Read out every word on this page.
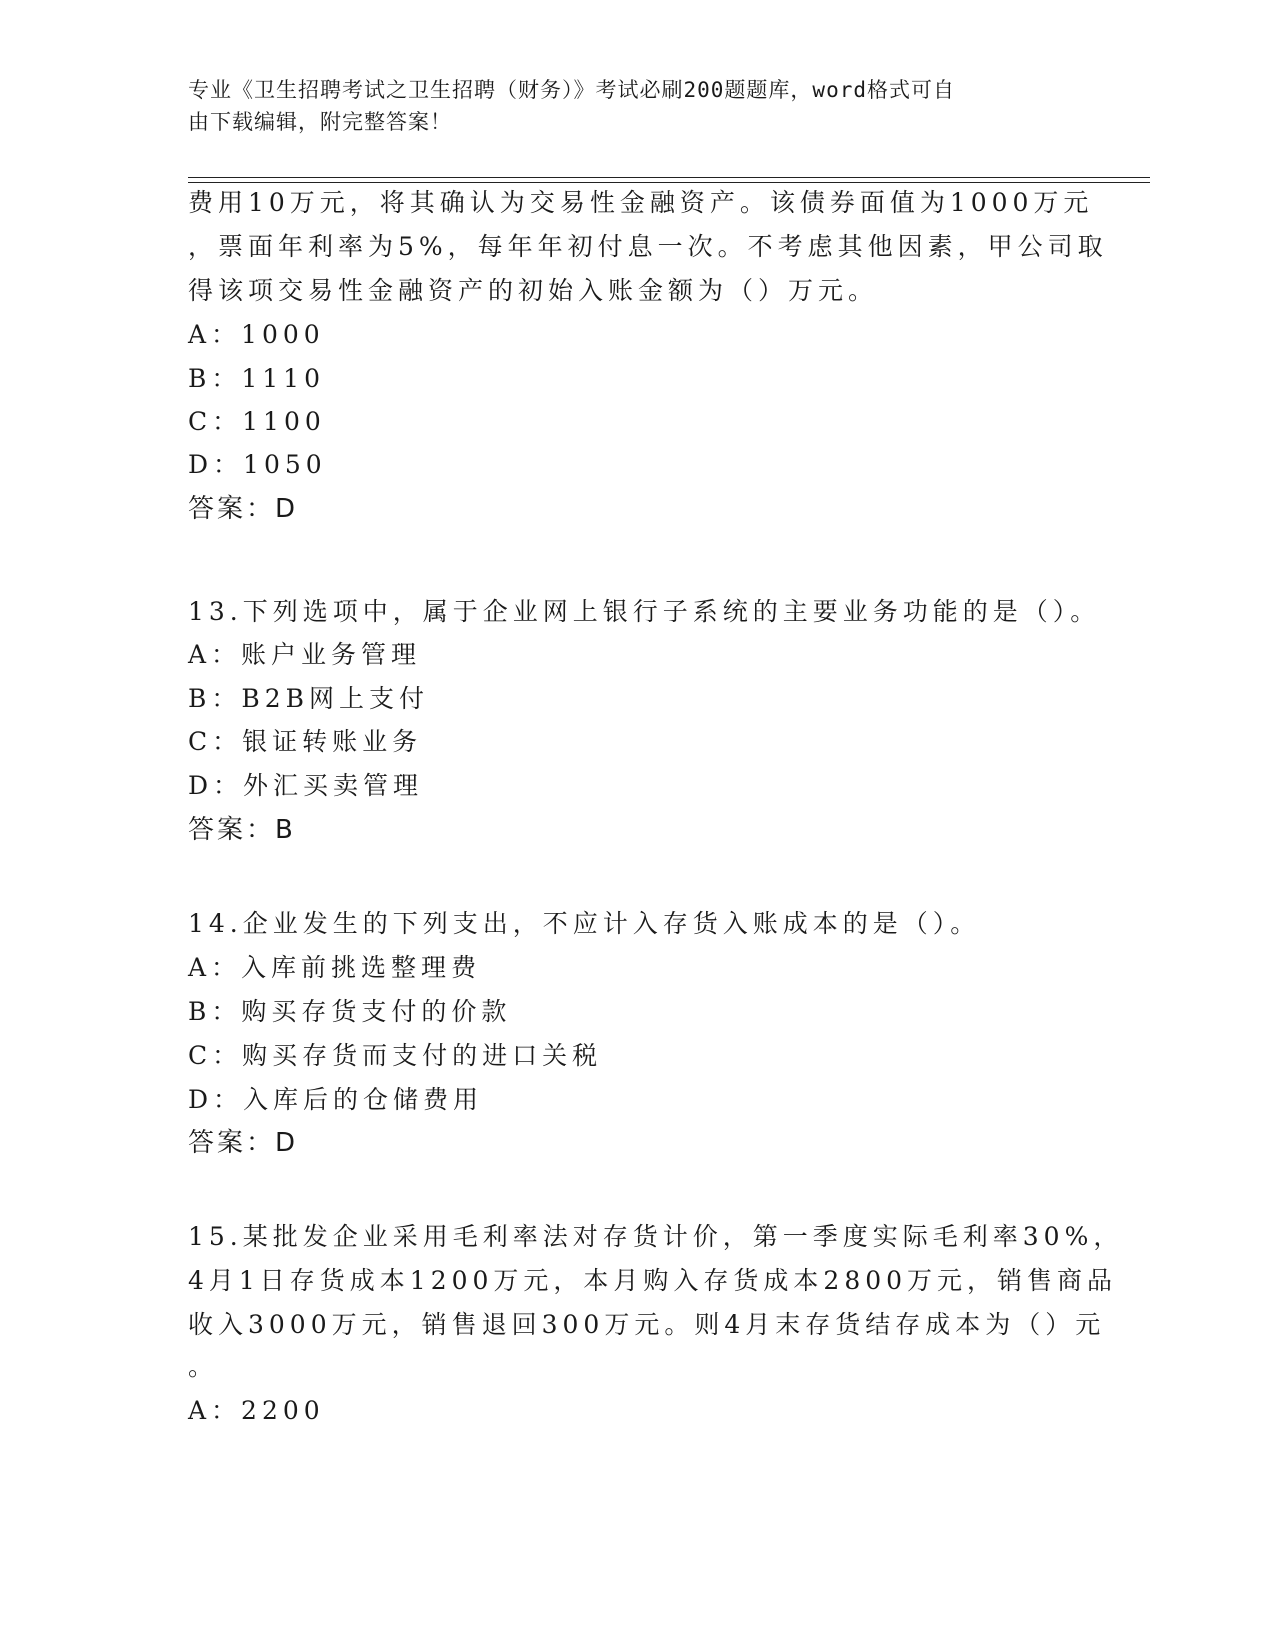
专业《卫生招聘考试之卫生招聘（财务）》考试必刷200题题库，word格式可自
由下载编辑，附完整答案！
费用10万元，将其确认为交易性金融资产。该债券面值为1000万元
，票面年利率为5%，每年年初付息一次。不考虑其他因素，甲公司取
得该项交易性金融资产的初始入账金额为（）万元。
A：1000
B：1110
C：1100
D：1050
答案：D
13.下列选项中，属于企业网上银行子系统的主要业务功能的是（）。
A：账户业务管理
B：B2B网上支付
C：银证转账业务
D：外汇买卖管理
答案：B
14.企业发生的下列支出，不应计入存货入账成本的是（）。
A：入库前挑选整理费
B：购买存货支付的价款
C：购买存货而支付的进口关税
D：入库后的仓储费用
答案：D
15.某批发企业采用毛利率法对存货计价，第一季度实际毛利率30%，
4月1日存货成本1200万元，本月购入存货成本2800万元，销售商品
收入3000万元，销售退回300万元。则4月末存货结存成本为（）元
。
A：2200
